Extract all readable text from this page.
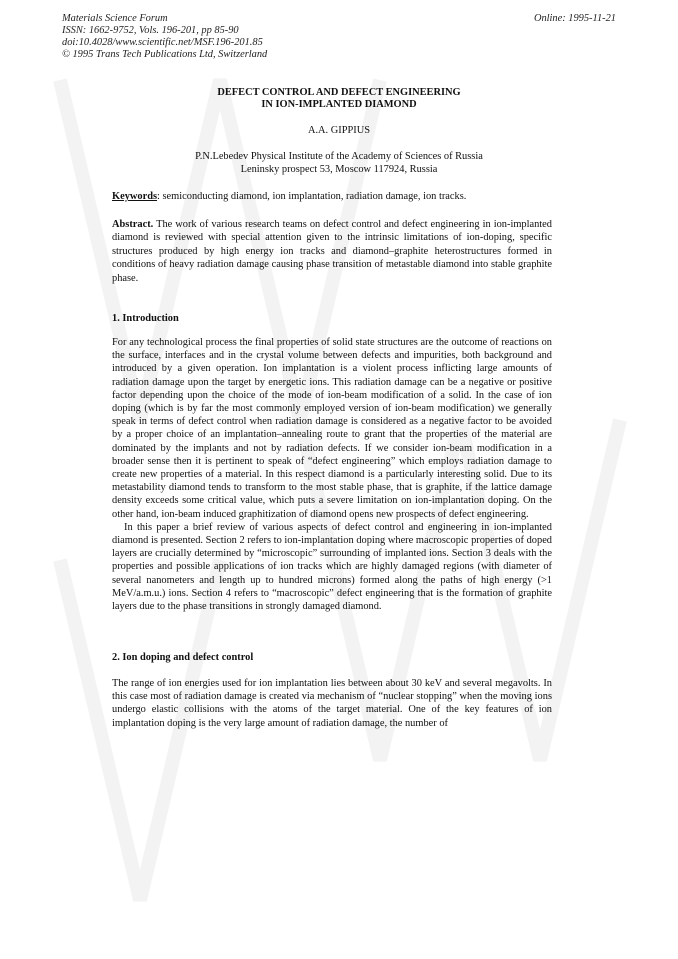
Materials Science Forum
ISSN: 1662-9752, Vols. 196-201, pp 85-90
doi:10.4028/www.scientific.net/MSF.196-201.85
© 1995 Trans Tech Publications Ltd, Switzerland
Online: 1995-11-21
DEFECT CONTROL AND DEFECT ENGINEERING
IN ION-IMPLANTED DIAMOND
A.A. GIPPIUS
P.N.Lebedev Physical Institute of the Academy of Sciences of Russia
Leninsky prospect 53, Moscow 117924, Russia
Keywords: semiconducting diamond, ion implantation, radiation damage, ion tracks.
Abstract. The work of various research teams on defect control and defect engineering in ion-implanted diamond is reviewed with special attention given to the intrinsic limitations of ion-doping, specific structures produced by high energy ion tracks and diamond–graphite heterostructures formed in conditions of heavy radiation damage causing phase transition of metastable diamond into stable graphite phase.
1. Introduction

For any technological process the final properties of solid state structures are the outcome of reactions on the surface, interfaces and in the crystal volume between defects and impurities, both background and introduced by a given operation. Ion implantation is a violent process inflicting large amounts of radiation damage upon the target by energetic ions. This radiation damage can be a negative or positive factor depending upon the choice of the mode of ion-beam modification of a solid. In the case of ion doping (which is by far the most commonly employed version of ion-beam modification) we generally speak in terms of defect control when radiation damage is considered as a negative factor to be avoided by a proper choice of an implantation–annealing route to grant that the properties of the material are dominated by the implants and not by radiation defects. If we consider ion-beam modification in a broader sense then it is pertinent to speak of “defect engineering” which employs radiation damage to create new properties of a material. In this respect diamond is a particularly interesting solid. Due to its metastability diamond tends to transform to the most stable phase, that is graphite, if the lattice damage density exceeds some critical value, which puts a severe limitation on ion-implantation doping. On the other hand, ion-beam induced graphitization of diamond opens new prospects of defect engineering.

In this paper a brief review of various aspects of defect control and engineering in ion-implanted diamond is presented. Section 2 refers to ion-implantation doping where macroscopic properties of doped layers are crucially determined by “microscopic” surrounding of implanted ions. Section 3 deals with the properties and possible applications of ion tracks which are highly damaged regions (with diameter of several nanometers and length up to hundred microns) formed along the paths of high energy (>1 MeV/a.m.u.) ions. Section 4 refers to “macroscopic” defect engineering that is the formation of graphite layers due to the phase transitions in strongly damaged diamond.

2. Ion doping and defect control

The range of ion energies used for ion implantation lies between about 30 keV and several megavolts. In this case most of radiation damage is created via mechanism of “nuclear stopping” when the moving ions undergo elastic collisions with the atoms of the target material. One of the key features of ion implantation doping is the very large amount of radiation damage, the number of
